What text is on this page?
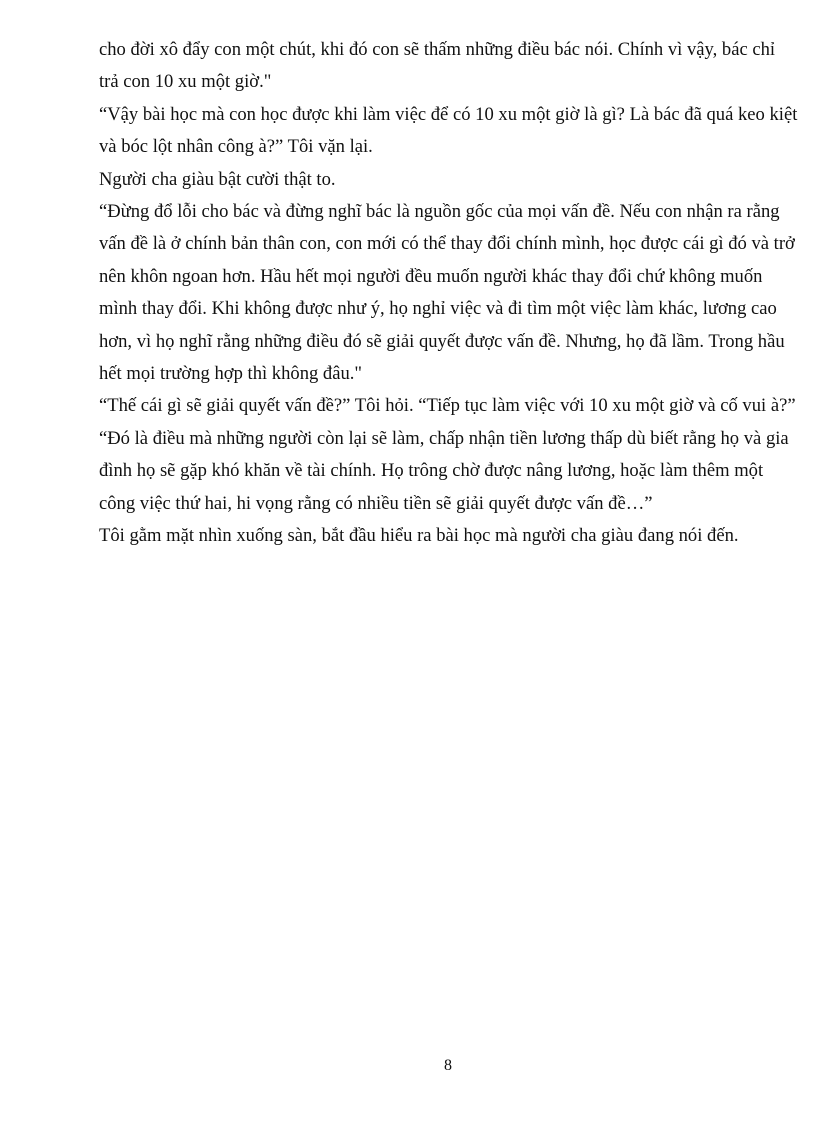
cho đời xô đẩy con một chút, khi đó con sẽ thấm những điều bác nói. Chính vì vậy, bác chỉ trả con 10 xu một giờ."

“Vậy bài học mà con học được khi làm việc để có 10 xu một giờ là gì? Là bác đã quá keo kiệt và bóc lột nhân công à?” Tôi vặn lại.

Người cha giàu bật cười thật to.

“Đừng đổ lỗi cho bác và đừng nghĩ bác là nguồn gốc của mọi vấn đề. Nếu con nhận ra rằng vấn đề là ở chính bản thân con, con mới có thể thay đổi chính mình, học được cái gì đó và trở nên khôn ngoan hơn. Hầu hết mọi người đều muốn người khác thay đổi chứ không muốn mình thay đổi. Khi không được như ý, họ nghỉ việc và đi tìm một việc làm khác, lương cao hơn, vì họ nghĩ rằng những điều đó sẽ giải quyết được vấn đề. Nhưng, họ đã lầm. Trong hầu hết mọi trường hợp thì không đâu."

“Thế cái gì sẽ giải quyết vấn đề?” Tôi hỏi. “Tiếp tục làm việc với 10 xu một giờ và cố vui à?”

“Đó là điều mà những người còn lại sẽ làm, chấp nhận tiền lương thấp dù biết rằng họ và gia đình họ sẽ gặp khó khăn về tài chính. Họ trông chờ được nâng lương, hoặc làm thêm một công việc thứ hai, hi vọng rằng có nhiều tiền sẽ giải quyết được vấn đề…”

Tôi gằm mặt nhìn xuống sàn, bắt đầu hiểu ra bài học mà người cha giàu đang nói đến.

8
